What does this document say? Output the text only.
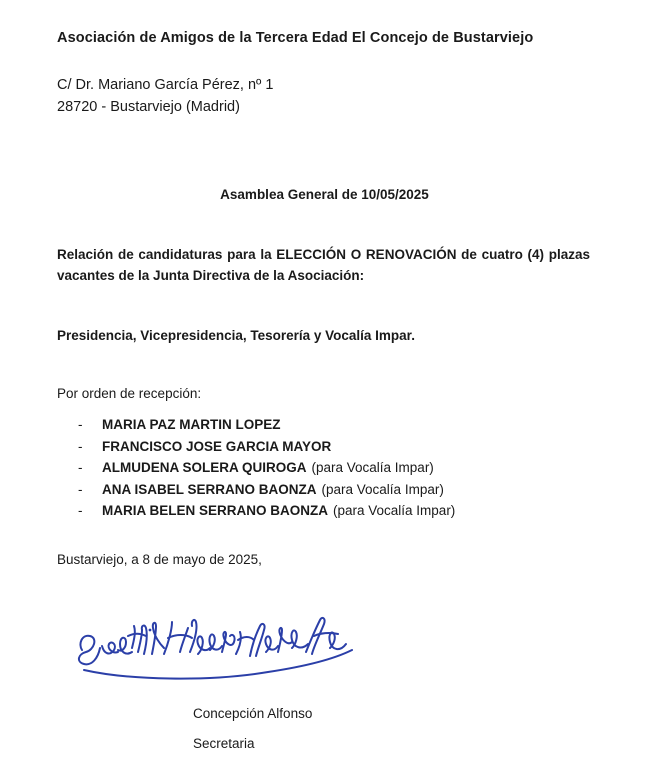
Asociación de Amigos de la Tercera Edad El Concejo de Bustarviejo
C/ Dr. Mariano García Pérez, nº 1
28720 - Bustarviejo (Madrid)
Asamblea General de 10/05/2025
Relación de candidaturas para la ELECCIÓN O RENOVACIÓN de cuatro (4) plazas vacantes de la Junta Directiva de la Asociación:
Presidencia, Vicepresidencia, Tesorería y Vocalía Impar.
Por orden de recepción:
-	MARIA PAZ MARTIN LOPEZ
-	FRANCISCO JOSE GARCIA MAYOR
-	ALMUDENA SOLERA QUIROGA (para Vocalía Impar)
-	ANA ISABEL SERRANO BAONZA (para Vocalía Impar)
-	MARIA BELEN SERRANO BAONZA (para Vocalía Impar)
Bustarviejo, a 8 de mayo de 2025,
Concepción Alfonso
Secretaria
